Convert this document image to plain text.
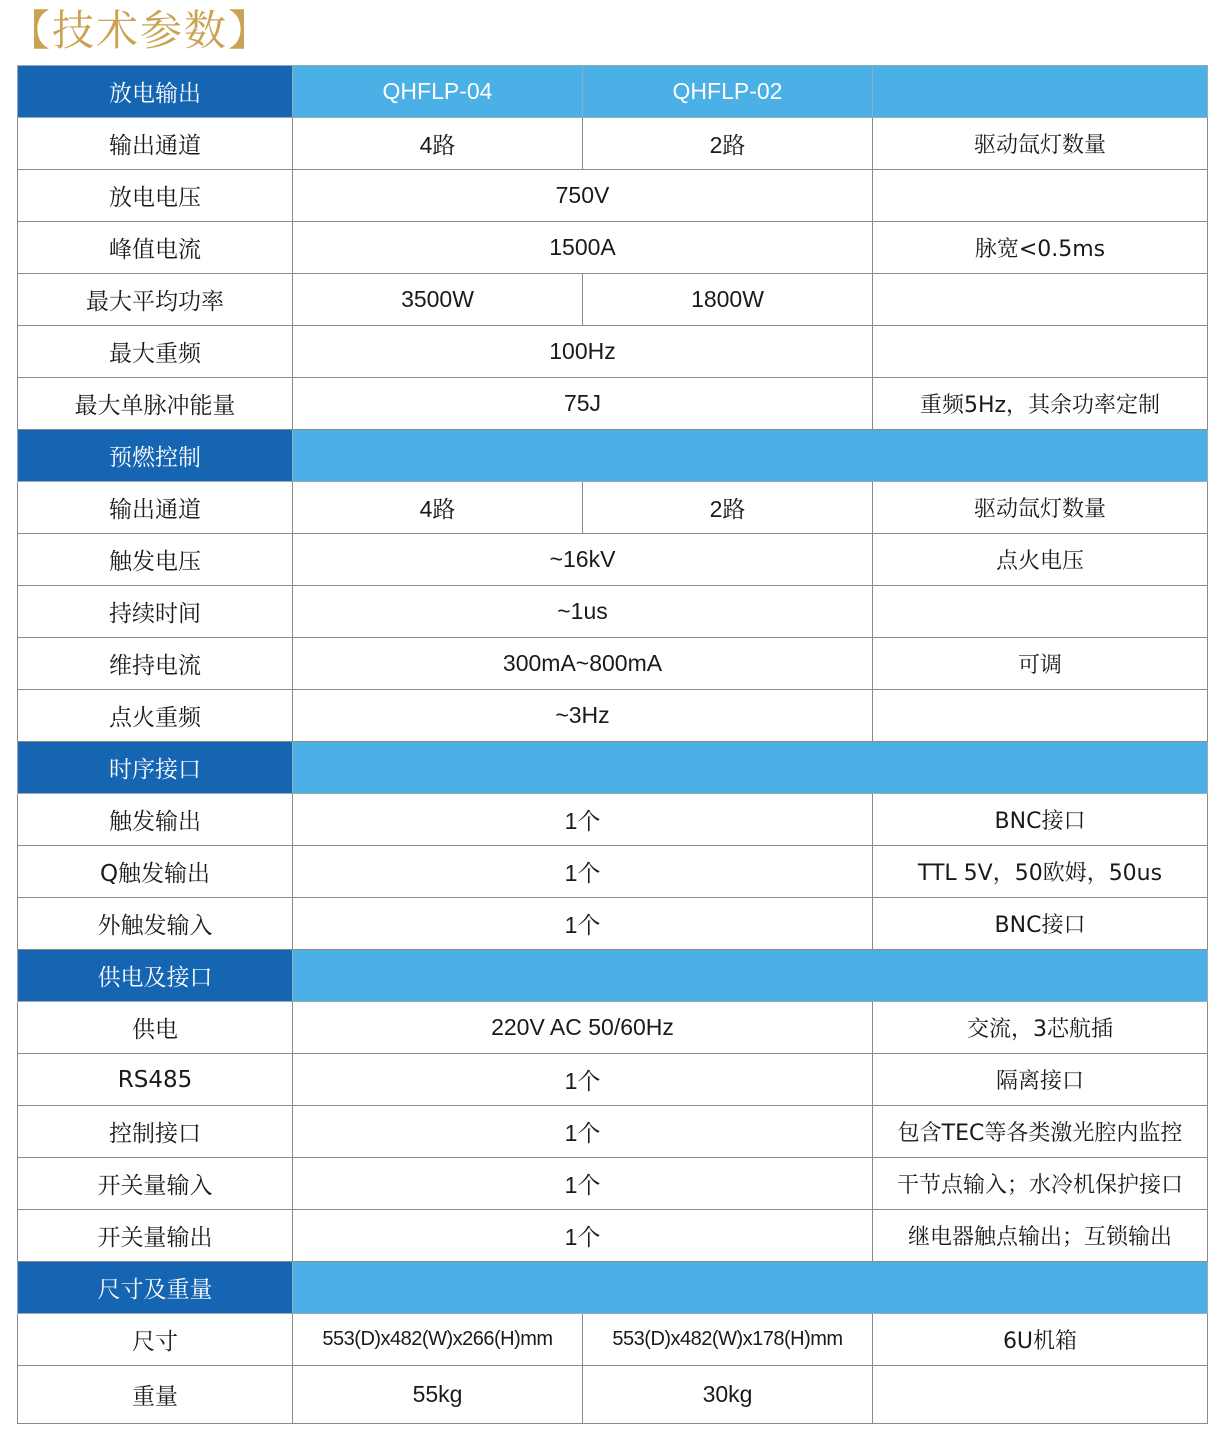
【技术参数】
放电输出	QHFLP-04	QHFLP-02	
输出通道	4路	2路	驱动氙灯数量
放电电压	750V		
峰值电流	1500A		脉宽<0.5ms
最大平均功率	3500W	1800W	
最大重频	100Hz		
最大单脉冲能量	75J		重频5Hz，其余功率定制
预燃控制			
输出通道	4路	2路	驱动氙灯数量
触发电压	~16kV		点火电压
持续时间	~1us		
维持电流	300mA~800mA		可调
点火重频	~3Hz		
时序接口			
触发输出	1个		BNC接口
Q触发输出	1个		TTL 5V，50欧姆，50us
外触发输入	1个		BNC接口
供电及接口			
供电	220V AC 50/60Hz		交流，3芯航插
RS485	1个		隔离接口
控制接口	1个		包含TEC等各类激光腔内监控
开关量输入	1个		干节点输入；水冷机保护接口
开关量输出	1个		继电器触点输出；互锁输出
尺寸及重量			
尺寸	553(D)x482(W)x266(H)mm	553(D)x482(W)x178(H)mm	6U机箱
重量	55kg	30kg	
